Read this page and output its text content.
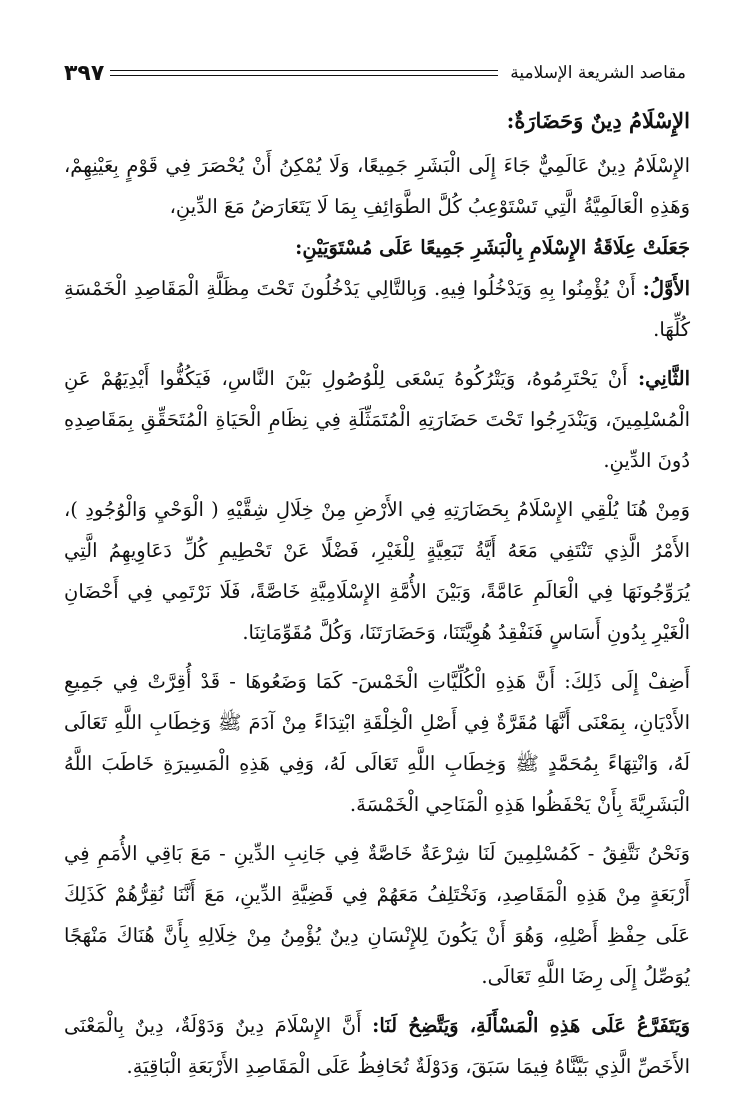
مقاصد الشريعة الإسلامية
٣٩٧

الإِسْلَامُ دِينٌ وَحَضَارَةٌ:

الإِسْلَامُ دِينٌ عَالَمِيٌّ جَاءَ إِلَى الْبَشَرِ جَمِيعًا، وَلَا يُمْكِنُ أَنْ يُحْصَرَ فِي قَوْمٍ بِعَيْنِهِمْ، وَهَذِهِ الْعَالَمِيَّةُ الَّتِي تَسْتَوْعِبُ كُلَّ الطَّوَائِفِ بِمَا لَا يَتَعَارَضُ مَعَ الدِّينِ،

جَعَلَتْ عِلَاقَةُ الإِسْلَامِ بِالْبَشَرِ جَمِيعًا عَلَى مُسْتَوَيَيْنِ:

الأَوَّلُ: أَنْ يُؤْمِنُوا بِهِ وَيَدْخُلُوا فِيهِ. وَبِالتَّالِي يَدْخُلُونَ تَحْتَ مِظَلَّةِ الْمَقَاصِدِ الْخَمْسَةِ كُلِّهَا.

الثَّانِي: أَنْ يَحْتَرِمُوهُ، وَيَتْرُكُوهُ يَسْعَى لِلْوُصُولِ بَيْنَ النَّاسِ، فَيَكُفُّوا أَيْدِيَهُمْ عَنِ الْمُسْلِمِينَ، وَيَنْدَرِجُوا تَحْتَ حَضَارَتِهِ الْمُتَمَثِّلَةِ فِي نِظَامِ الْحَيَاةِ الْمُتَحَقِّقِ بِمَقَاصِدِهِ دُونَ الدِّينِ.

وَمِنْ هُنَا يُلْقِي الإِسْلَامُ بِحَضَارَتِهِ فِي الأَرْضِ مِنْ خِلَالِ شِقَّيْهِ ( الْوَحْيِ وَالْوُجُودِ )، الأَمْرُ الَّذِي تَنْتَفِي مَعَهُ أَيَّةُ تَبَعِيَّةٍ لِلْغَيْرِ، فَضْلًا عَنْ تَحْطِيمِ كُلِّ دَعَاوِيهِمُ الَّتِي يُرَوِّجُونَهَا فِي الْعَالَمِ عَامَّةً، وَبَيْنَ الأُمَّةِ الإِسْلَامِيَّةِ خَاصَّةً، فَلَا نَرْتَمِي فِي أَحْضَانِ الْغَيْرِ بِدُونِ أَسَاسٍ فَنَفْقِدُ هُوِيَّتَنَا، وَحَضَارَتَنَا، وَكُلَّ مُقَوِّمَاتِنَا.

أَضِفْ إِلَى ذَلِكَ: أَنَّ هَذِهِ الْكُلِّيَّاتِ الْخَمْسَ- كَمَا وَضَعُوهَا - قَدْ أُقِرَّتْ فِي جَمِيعِ الأَدْيَانِ، بِمَعْنَى أَنَّهَا مُقَرَّةٌ فِي أَصْلِ الْخِلْقَةِ ابْتِدَاءً مِنْ آدَمَ ﷺ وَخِطَابِ اللَّهِ تَعَالَى لَهُ، وَانْتِهَاءً بِمُحَمَّدٍ ﷺ وَخِطَابِ اللَّهِ تَعَالَى لَهُ، وَفِي هَذِهِ الْمَسِيرَةِ خَاطَبَ اللَّهُ الْبَشَرِيَّةَ بِأَنْ يَحْفَظُوا هَذِهِ الْمَنَاحِي الْخَمْسَةَ.

وَنَحْنُ نَتَّفِقُ - كَمُسْلِمِينَ لَنَا شِرْعَةٌ خَاصَّةٌ فِي جَانِبِ الدِّينِ - مَعَ بَاقِي الأُمَمِ فِي أَرْبَعَةٍ مِنْ هَذِهِ الْمَقَاصِدِ، وَنَخْتَلِفُ مَعَهُمْ فِي قَضِيَّةِ الدِّينِ، مَعَ أَنَّنَا نُقِرُّهُمْ كَذَلِكَ عَلَى حِفْظِ أَصْلِهِ، وَهُوَ أَنْ يَكُونَ لِلإِنْسَانِ دِينٌ يُؤْمِنُ مِنْ خِلَالِهِ بِأَنَّ هُنَاكَ مَنْهَجًا يُوَصِّلُ إِلَى رِضَا اللَّهِ تَعَالَى.

وَيَتَفَرَّعُ عَلَى هَذِهِ الْمَسْأَلَةِ، وَيَتَّضِحُ لَنَا: أَنَّ الإِسْلَامَ دِينٌ وَدَوْلَةٌ، دِينٌ بِالْمَعْنَى الأَخَصِّ الَّذِي بَيَّنَّاهُ فِيمَا سَبَقَ، وَدَوْلَةٌ تُحَافِظُ عَلَى الْمَقَاصِدِ الأَرْبَعَةِ الْبَاقِيَةِ.
